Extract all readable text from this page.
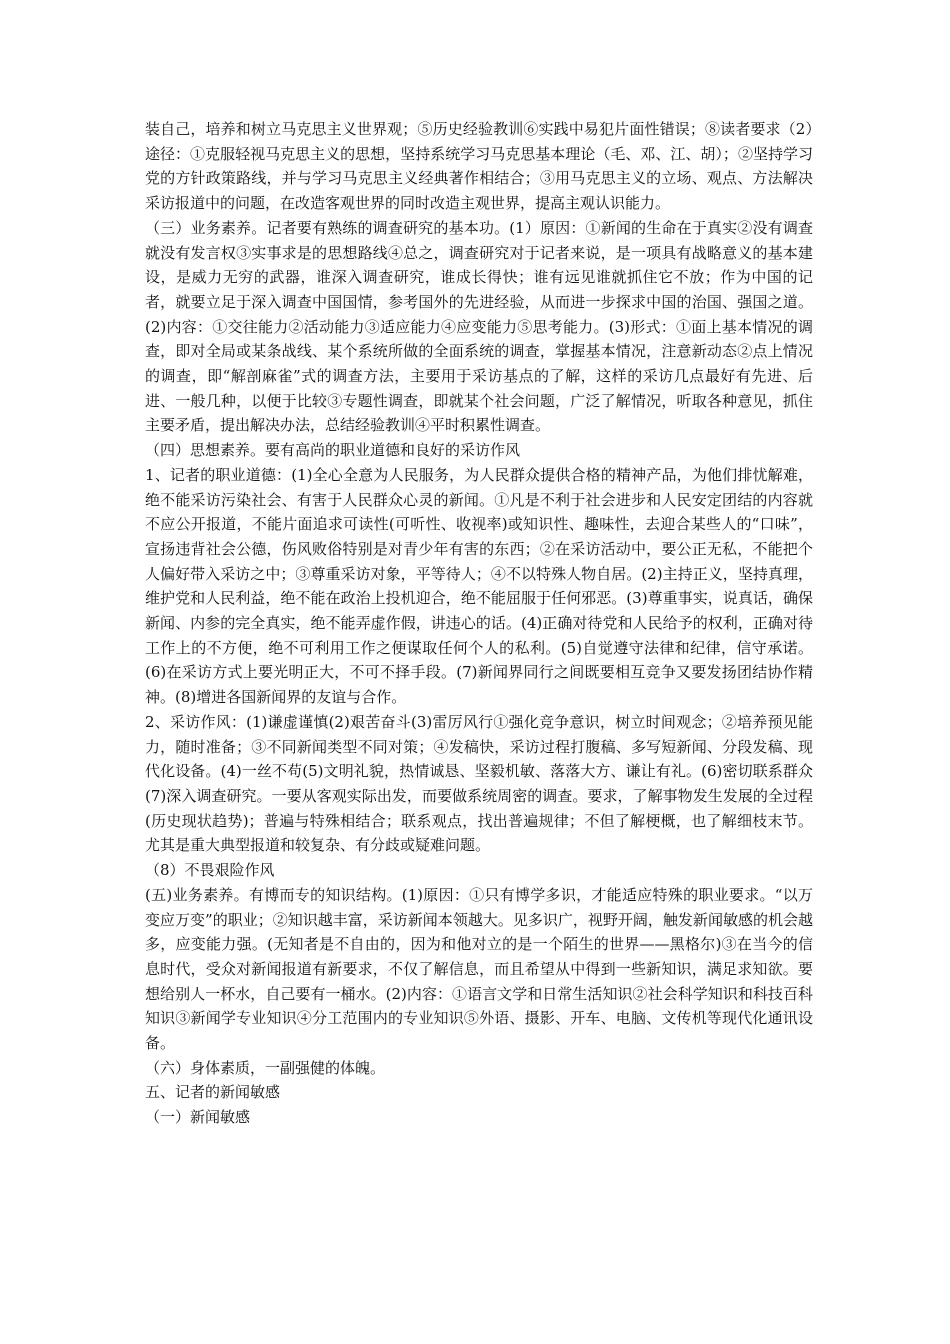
装自己，培养和树立马克思主义世界观；⑤历史经验教训⑥实践中易犯片面性错误；⑧读者要求（2）途径：①克服轻视马克思主义的思想，坚持系统学习马克思基本理论（毛、邓、江、胡）；②坚持学习党的方针政策路线，并与学习马克思主义经典著作相结合；③用马克思主义的立场、观点、方法解决采访报道中的问题，在改造客观世界的同时改造主观世界，提高主观认识能力。

（三）业务素养。记者要有熟练的调查研究的基本功。(1）原因：①新闻的生命在于真实②没有调查就没有发言权③实事求是的思想路线④总之，调查研究对于记者来说，是一项具有战略意义的基本建设，是威力无穷的武器，谁深入调查研究，谁成长得快；谁有远见谁就抓住它不放；作为中国的记者，就要立足于深入调查中国国情，参考国外的先进经验，从而进一步探求中国的治国、强国之道。(2)内容：①交往能力②活动能力③适应能力④应变能力⑤思考能力。(3)形式：①面上基本情况的调查，即对全局或某条战线、某个系统所做的全面系统的调查，掌握基本情况，注意新动态②点上情况的调查，即“解剖麻雀”式的调查方法，主要用于采访基点的了解，这样的采访几点最好有先进、后进、一般几种，以便于比较③专题性调查，即就某个社会问题，广泛了解情况，听取各种意见，抓住主要矛盾，提出解决办法，总结经验教训④平时积累性调查。

（四）思想素养。要有高尚的职业道德和良好的采访作风

1、记者的职业道德：(1)全心全意为人民服务，为人民群众提供合格的精神产品，为他们排忧解难，绝不能采访污染社会、有害于人民群众心灵的新闻。①凡是不利于社会进步和人民安定团结的内容就不应公开报道，不能片面追求可读性(可听性、收视率)或知识性、趣味性，去迎合某些人的“口味”，宣扬违背社会公德，伤风败俗特别是对青少年有害的东西；②在采访活动中，要公正无私，不能把个人偏好带入采访之中；③尊重采访对象，平等待人；④不以特殊人物自居。(2)主持正义，坚持真理，维护党和人民利益，绝不能在政治上投机迎合，绝不能屈服于任何邪恶。(3)尊重事实，说真话，确保新闻、内参的完全真实，绝不能弄虚作假，讲违心的话。(4)正确对待党和人民给予的权利，正确对待工作上的不方便，绝不可利用工作之便谋取任何个人的私利。(5)自觉遵守法律和纪律，信守承诺。(6)在采访方式上要光明正大，不可不择手段。(7)新闻界同行之间既要相互竞争又要发扬团结协作精神。(8)增进各国新闻界的友谊与合作。

2、采访作风：(1)谦虚谨慎(2)艰苦奋斗(3)雷厉风行①强化竞争意识，树立时间观念；②培养预见能力，随时准备；③不同新闻类型不同对策；④发稿快，采访过程打腹稿、多写短新闻、分段发稿、现代化设备。(4)一丝不苟(5)文明礼貌，热情诚恳、坚毅机敏、落落大方、谦让有礼。(6)密切联系群众(7)深入调查研究。一要从客观实际出发，而要做系统周密的调查。要求，了解事物发生发展的全过程(历史现状趋势)；普遍与特殊相结合；联系观点，找出普遍规律；不但了解梗概，也了解细枝末节。尤其是重大典型报道和较复杂、有分歧或疑难问题。

（8）不畏艰险作风

(五)业务素养。有博而专的知识结构。(1)原因：①只有博学多识，才能适应特殊的职业要求。“以万变应万变”的职业；②知识越丰富，采访新闻本领越大。见多识广，视野开阔，触发新闻敏感的机会越多，应变能力强。(无知者是不自由的，因为和他对立的是一个陌生的世界——黑格尔)③在当今的信息时代，受众对新闻报道有新要求，不仅了解信息，而且希望从中得到一些新知识，满足求知欲。要想给别人一杯水，自己要有一桶水。(2)内容：①语言文学和日常生活知识②社会科学知识和科技百科知识③新闻学专业知识④分工范围内的专业知识⑤外语、摄影、开车、电脑、文传机等现代化通讯设备。

（六）身体素质，一副强健的体魄。

五、记者的新闻敏感

（一）新闻敏感
